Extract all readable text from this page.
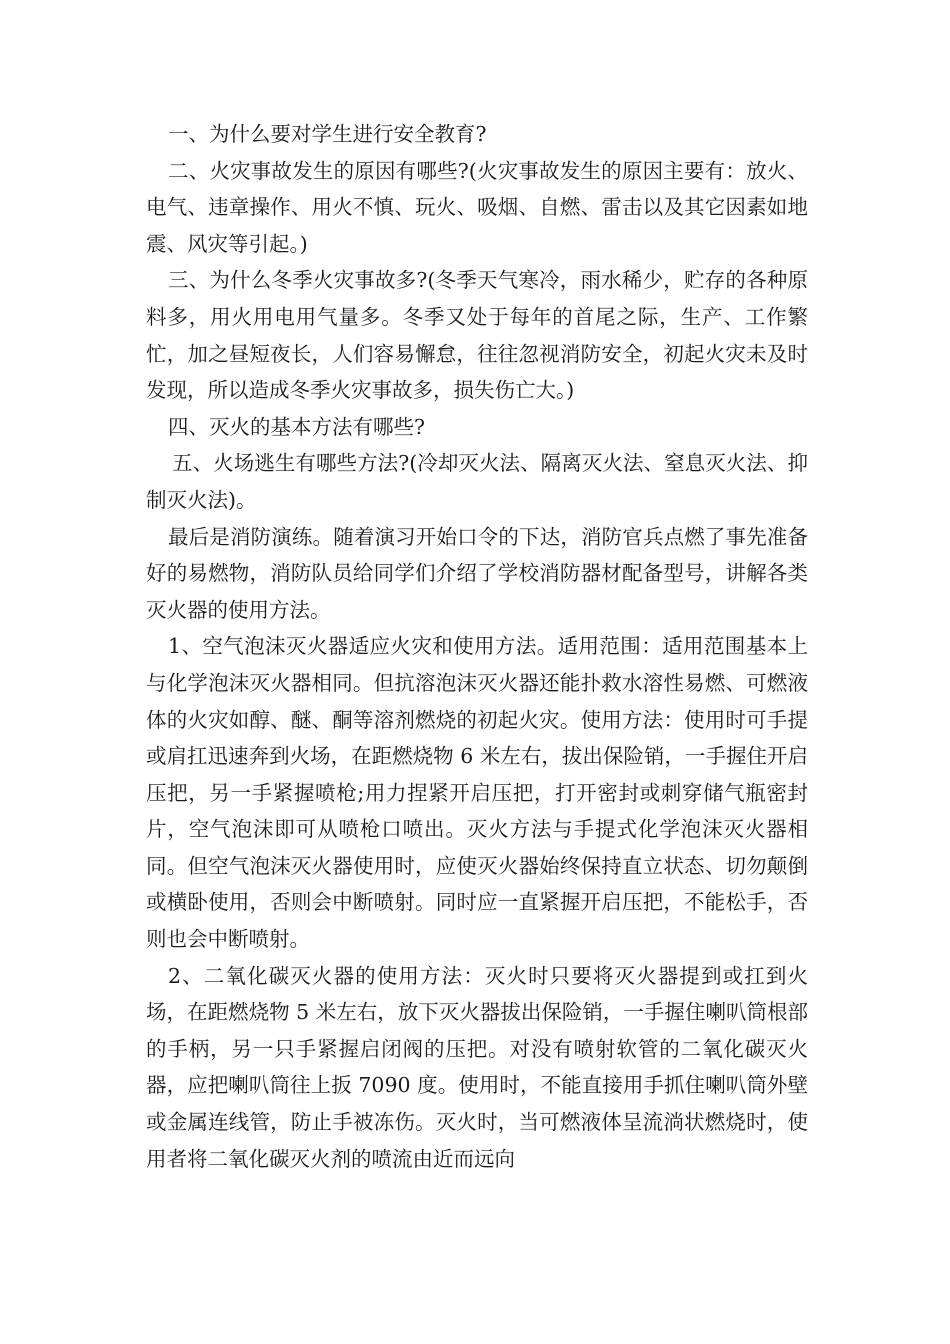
一、为什么要对学生进行安全教育?

二、火灾事故发生的原因有哪些?(火灾事故发生的原因主要有：放火、电气、违章操作、用火不慎、玩火、吸烟、自燃、雷击以及其它因素如地震、风灾等引起。)

三、为什么冬季火灾事故多?(冬季天气寒冷，雨水稀少，贮存的各种原料多，用火用电用气量多。冬季又处于每年的首尾之际，生产、工作繁忙，加之昼短夜长，人们容易懈怠，往往忽视消防安全，初起火灾未及时发现，所以造成冬季火灾事故多，损失伤亡大。)

四、灭火的基本方法有哪些?

五、火场逃生有哪些方法?(冷却灭火法、隔离灭火法、窒息灭火法、抑制灭火法)。

最后是消防演练。随着演习开始口令的下达，消防官兵点燃了事先准备好的易燃物，消防队员给同学们介绍了学校消防器材配备型号，讲解各类灭火器的使用方法。

1、空气泡沫灭火器适应火灾和使用方法。适用范围：适用范围基本上与化学泡沫灭火器相同。但抗溶泡沫灭火器还能扑救水溶性易燃、可燃液体的火灾如醇、醚、酮等溶剂燃烧的初起火灾。使用方法：使用时可手提或肩扛迅速奔到火场，在距燃烧物 6 米左右，拔出保险销，一手握住开启压把，另一手紧握喷枪;用力捏紧开启压把，打开密封或刺穿储气瓶密封片，空气泡沫即可从喷枪口喷出。灭火方法与手提式化学泡沫灭火器相同。但空气泡沫灭火器使用时，应使灭火器始终保持直立状态、切勿颠倒或横卧使用，否则会中断喷射。同时应一直紧握开启压把，不能松手，否则也会中断喷射。

2、二氧化碳灭火器的使用方法：灭火时只要将灭火器提到或扛到火场，在距燃烧物 5 米左右，放下灭火器拔出保险销，一手握住喇叭筒根部的手柄，另一只手紧握启闭阀的压把。对没有喷射软管的二氧化碳灭火器，应把喇叭筒往上扳 7090 度。使用时，不能直接用手抓住喇叭筒外壁或金属连线管，防止手被冻伤。灭火时，当可燃液体呈流淌状燃烧时，使用者将二氧化碳灭火剂的喷流由近而远向
